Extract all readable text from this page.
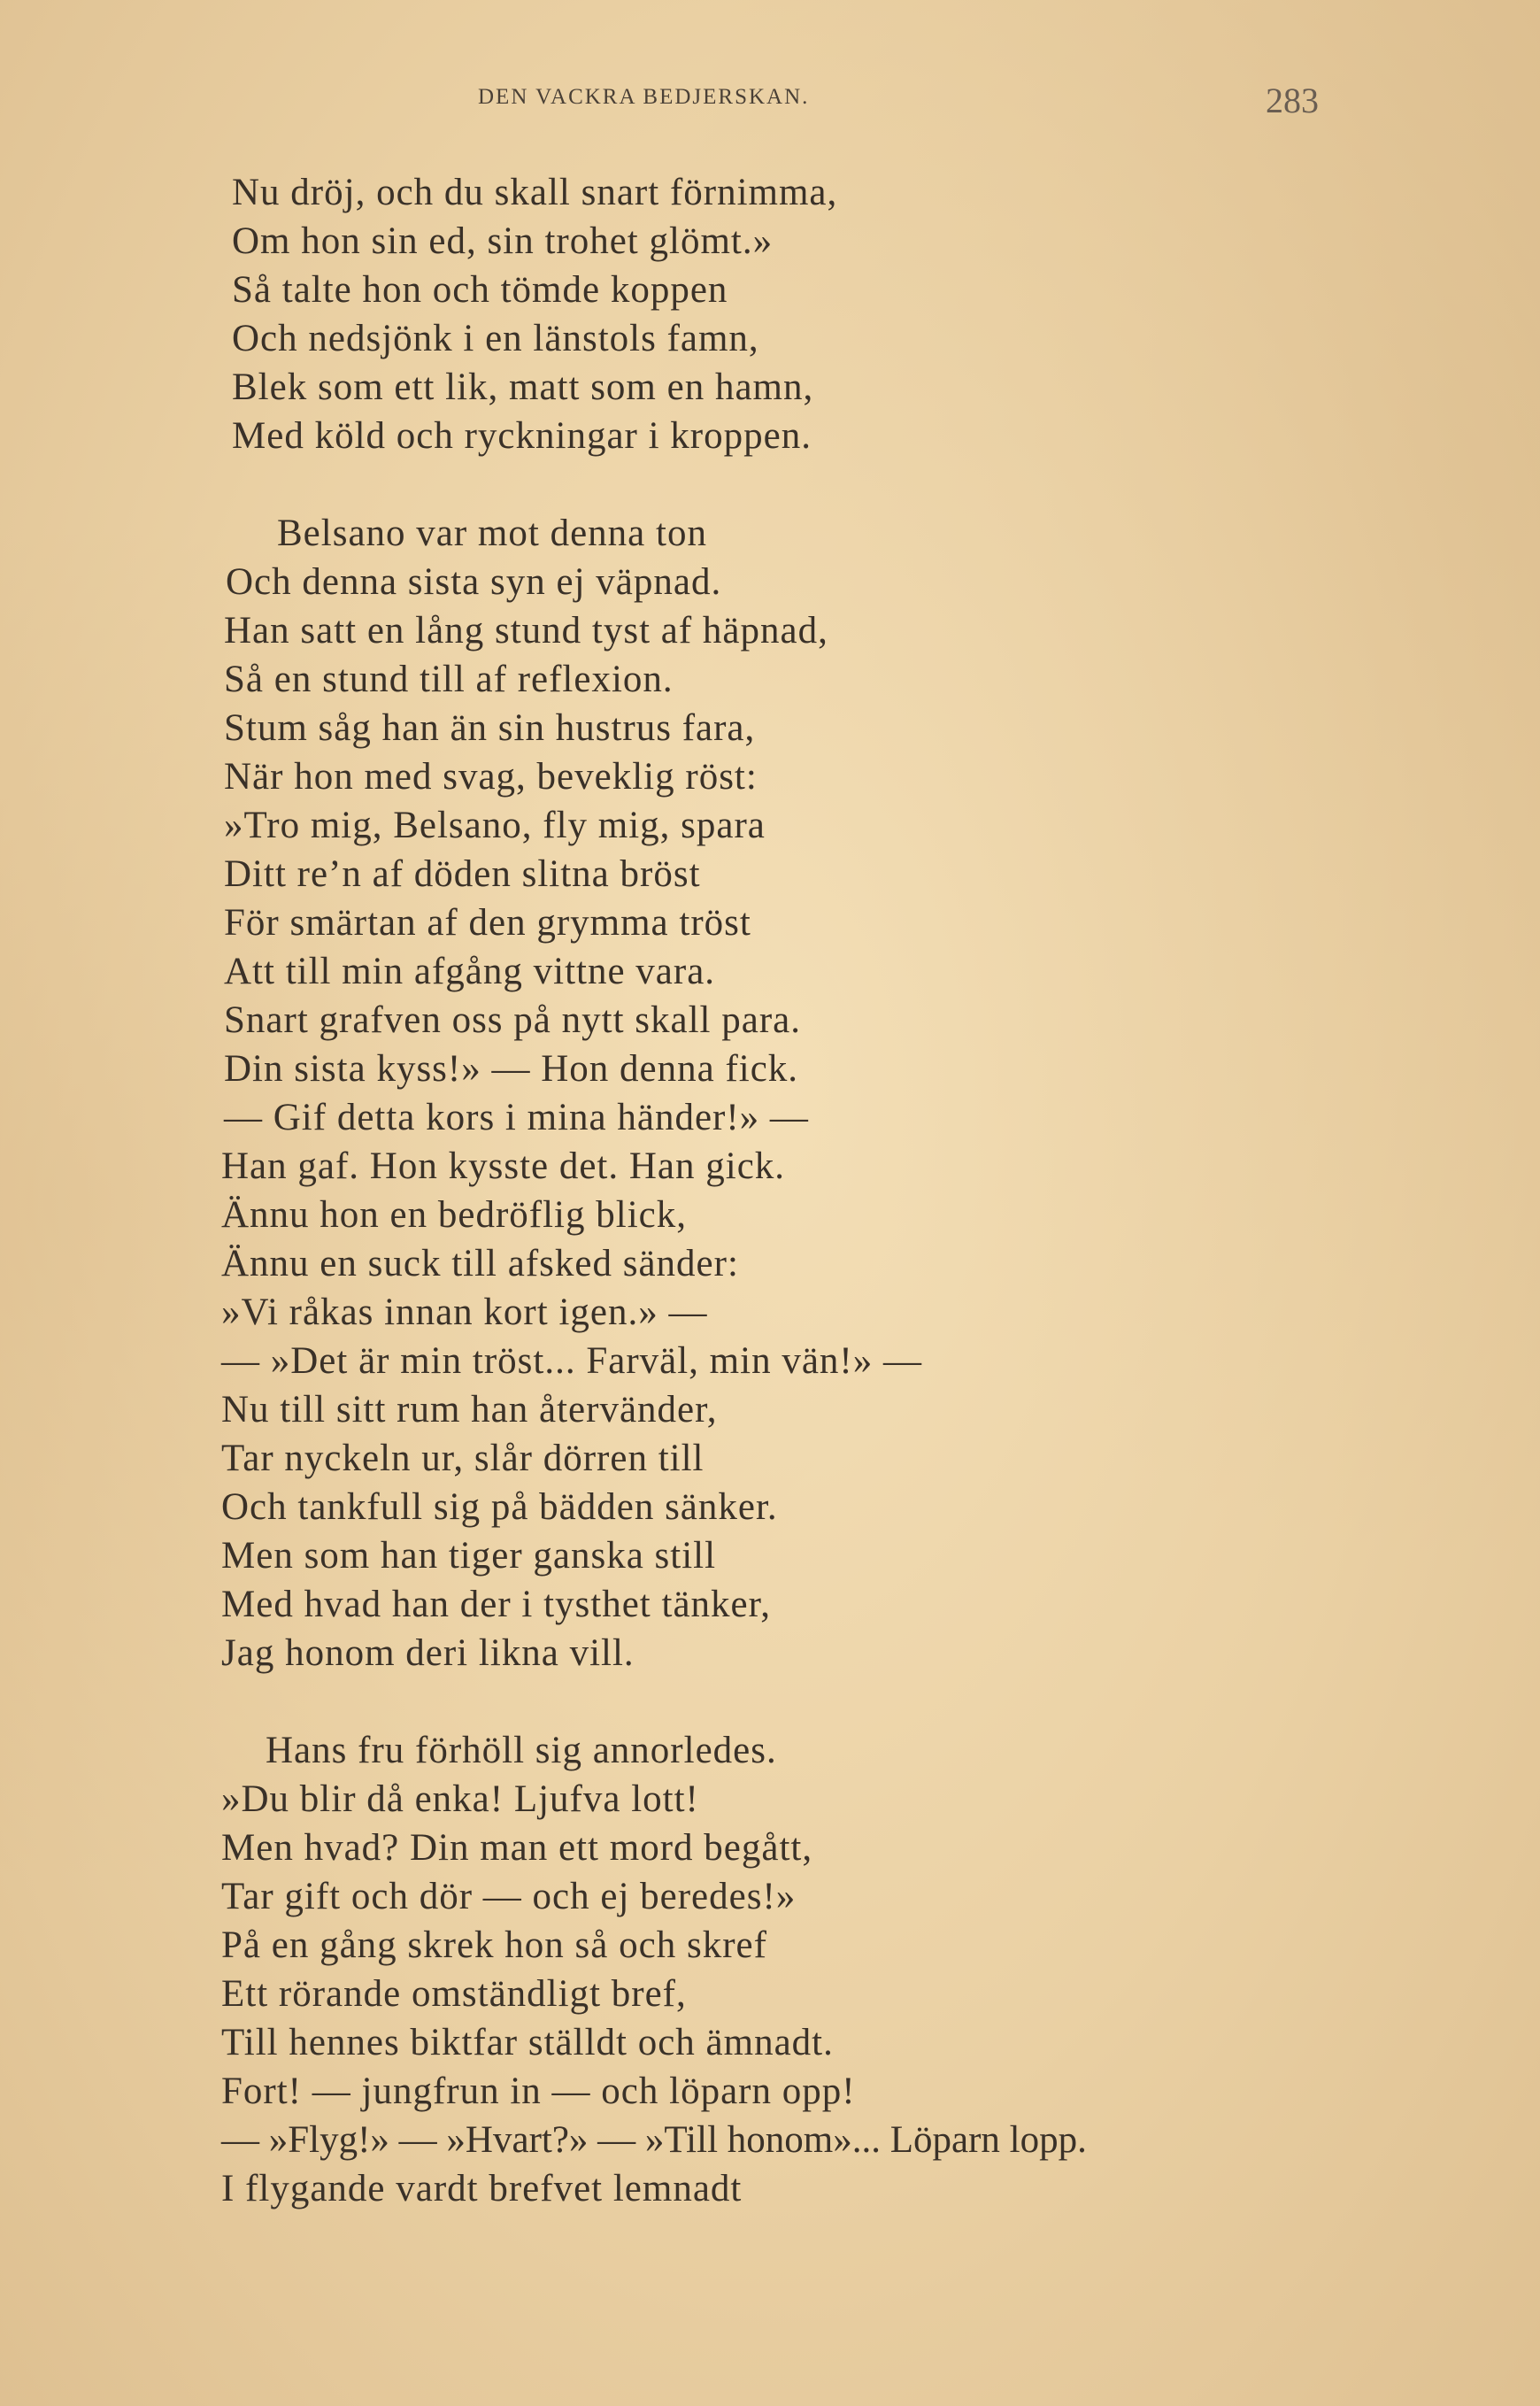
DEN VACKRA BEDJERSKAN.	283
Nu dröj, och du skall snart förnimma,
Om hon sin ed, sin trohet glömt.»
Så talte hon och tömde koppen
Och nedsjönk i en länstols famn,
Blek som ett lik, matt som en hamn,
Med köld och ryckningar i kroppen.
Belsano var mot denna ton
Och denna sista syn ej väpnad.
Han satt en lång stund tyst af häpnad,
Så en stund till af reflexion.
Stum såg han än sin hustrus fara,
När hon med svag, beveklig röst:
»Tro mig, Belsano, fly mig, spara
Ditt re’n af döden slitna bröst
För smärtan af den grymma tröst
Att till min afgång vittne vara.
Snart grafven oss på nytt skall para.
Din sista kyss!» — Hon denna fick.
— Gif detta kors i mina händer!» —
Han gaf. Hon kysste det. Han gick.
Ännu hon en bedröflig blick,
Ännu en suck till afsked sänder:
»Vi råkas innan kort igen.» —
— »Det är min tröst... Farväl, min vän!» —
Nu till sitt rum han återvänder,
Tar nyckeln ur, slår dörren till
Och tankfull sig på bädden sänker.
Men som han tiger ganska still
Med hvad han der i tysthet tänker,
Jag honom deri likna vill.
Hans fru förhöll sig annorledes.
»Du blir då enka! Ljufva lott!
Men hvad? Din man ett mord begått,
Tar gift och dör — och ej beredes!»
På en gång skrek hon så och skref
Ett rörande omständligt bref,
Till hennes biktfar ställdt och ämnadt.
Fort! — jungfrun in — och löparn opp!
— »Flyg!» — »Hvart?» — »Till honom»... Löparn lopp.
I flygande vardt brefvet lemnadt
